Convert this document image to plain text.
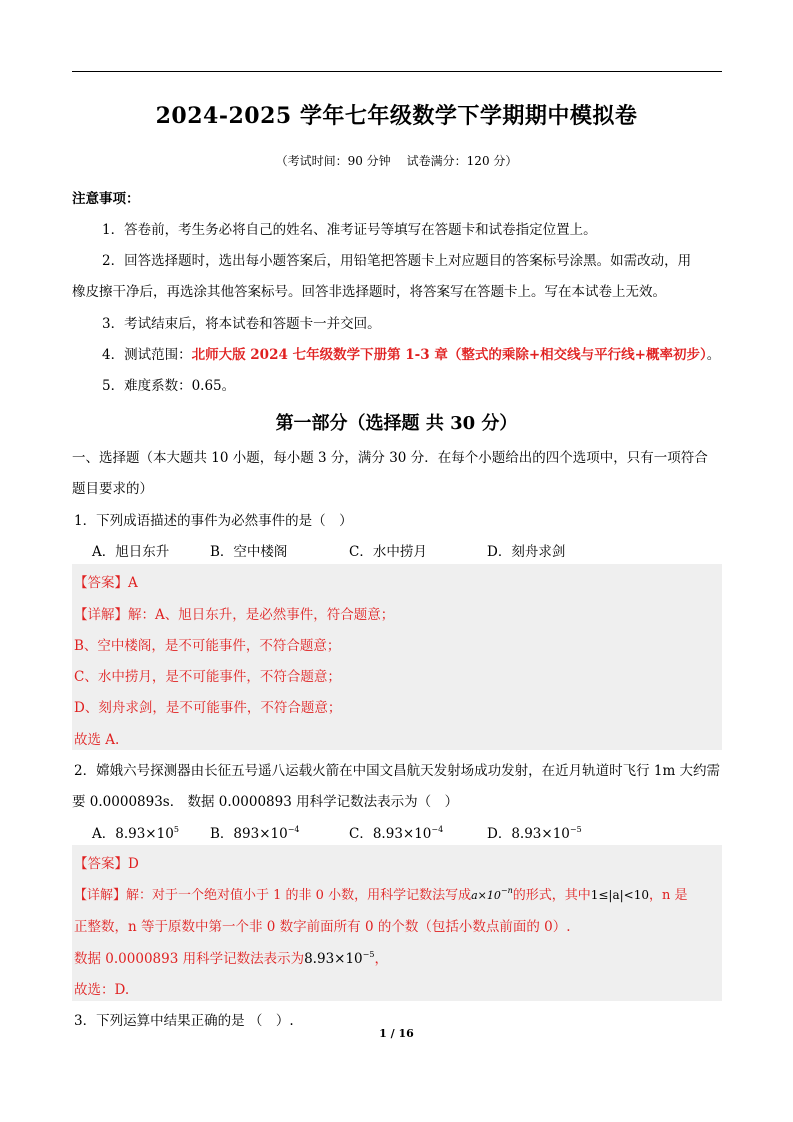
2024-2025 学年七年级数学下学期期中模拟卷
（考试时间：90 分钟 试卷满分：120 分）
注意事项：
1．答卷前，考生务必将自己的姓名、准考证号等填写在答题卡和试卷指定位置上。
2．回答选择题时，选出每小题答案后，用铅笔把答题卡上对应题目的答案标号涂黑。如需改动，用
橡皮擦干净后，再选涂其他答案标号。回答非选择题时，将答案写在答题卡上。写在本试卷上无效。
3．考试结束后，将本试卷和答题卡一并交回。
4．测试范围：北师大版 2024 七年级数学下册第 1-3 章（整式的乘除+相交线与平行线+概率初步）。
5．难度系数：0.65。
第一部分（选择题 共 30 分）
一、选择题（本大题共 10 小题，每小题 3 分，满分 30 分．在每个小题给出的四个选项中，只有一项符合
题目要求的）
1．下列成语描述的事件为必然事件的是（　）
A．旭日东升	B．空中楼阁	C．水中捞月	D．刻舟求剑
【答案】A
【详解】解：A、旭日东升，是必然事件，符合题意；
B、空中楼阁，是不可能事件，不符合题意；
C、水中捞月，是不可能事件，不符合题意；
D、刻舟求剑，是不可能事件，不符合题意；
故选 A.
2．嫦娥六号探测器由长征五号遥八运载火箭在中国文昌航天发射场成功发射，在近月轨道时飞行 1m 大约需
要 0.0000893s． 数据 0.0000893 用科学记数法表示为（　）
A．$8.93\times 10^5$ B．$893\times 10^{-4}$	C．$8.93\times 10^{-4}$	D．$8.93\times 10^{-5}$
【答案】D
【详解】解：对于一个绝对值小于 1 的非 0 小数，用科学记数法写成$a\times 10^{-n}$的形式，其中1≤|a|<10，n 是
正整数，n 等于原数中第一个非 0 数字前面所有 0 的个数（包括小数点前面的 0）.
数据 0.0000893 用科学记数法表示为$8.93\times 10^{-5}$，
故选：D.
3．下列运算中结果正确的是 （　）.
1 / 16
